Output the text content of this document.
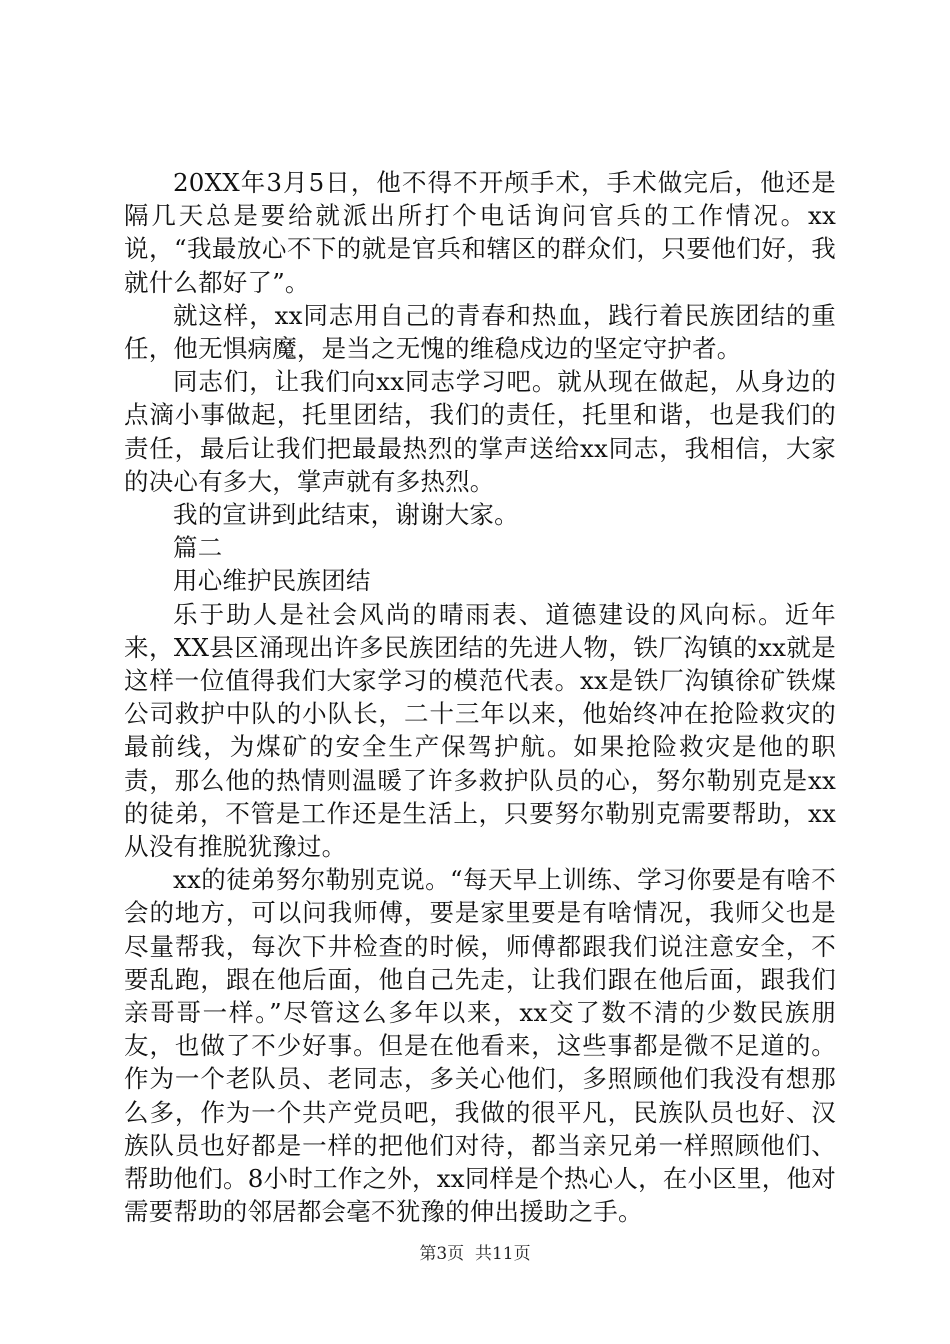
20XX年3月5日，他不得不开颅手术，手术做完后，他还是隔几天总是要给就派出所打个电话询问官兵的工作情况。xx说，“我最放心不下的就是官兵和辖区的群众们，只要他们好，我就什么都好了”。

就这样，xx同志用自己的青春和热血，践行着民族团结的重任，他无惧病魔，是当之无愧的维稳戍边的坚定守护者。

同志们，让我们向xx同志学习吧。就从现在做起，从身边的点滴小事做起，托里团结，我们的责任，托里和谐，也是我们的责任，最后让我们把最最热烈的掌声送给xx同志，我相信，大家的决心有多大，掌声就有多热烈。

我的宣讲到此结束，谢谢大家。

篇二

用心维护民族团结

乐于助人是社会风尚的晴雨表、道德建设的风向标。近年来，XX县区涌现出许多民族团结的先进人物，铁厂沟镇的xx就是这样一位值得我们大家学习的模范代表。xx是铁厂沟镇徐矿铁煤公司救护中队的小队长，二十三年以来，他始终冲在抢险救灾的最前线，为煤矿的安全生产保驾护航。如果抢险救灾是他的职责，那么他的热情则温暖了许多救护队员的心，努尔勒别克是xx的徒弟，不管是工作还是生活上，只要努尔勒别克需要帮助，xx从没有推脱犹豫过。

xx的徒弟努尔勒别克说。“每天早上训练、学习你要是有啥不会的地方，可以问我师傅，要是家里要是有啥情况，我师父也是尽量帮我，每次下井检查的时候，师傅都跟我们说注意安全，不要乱跑，跟在他后面，他自己先走，让我们跟在他后面，跟我们亲哥哥一样。”尽管这么多年以来，xx交了数不清的少数民族朋友，也做了不少好事。但是在他看来，这些事都是微不足道的。作为一个老队员、老同志，多关心他们，多照顾他们我没有想那么多，作为一个共产党员吧，我做的很平凡，民族队员也好、汉族队员也好都是一样的把他们对待，都当亲兄弟一样照顾他们、帮助他们。8小时工作之外，xx同样是个热心人，在小区里，他对需要帮助的邻居都会毫不犹豫的伸出援助之手。

第3页  共11页
